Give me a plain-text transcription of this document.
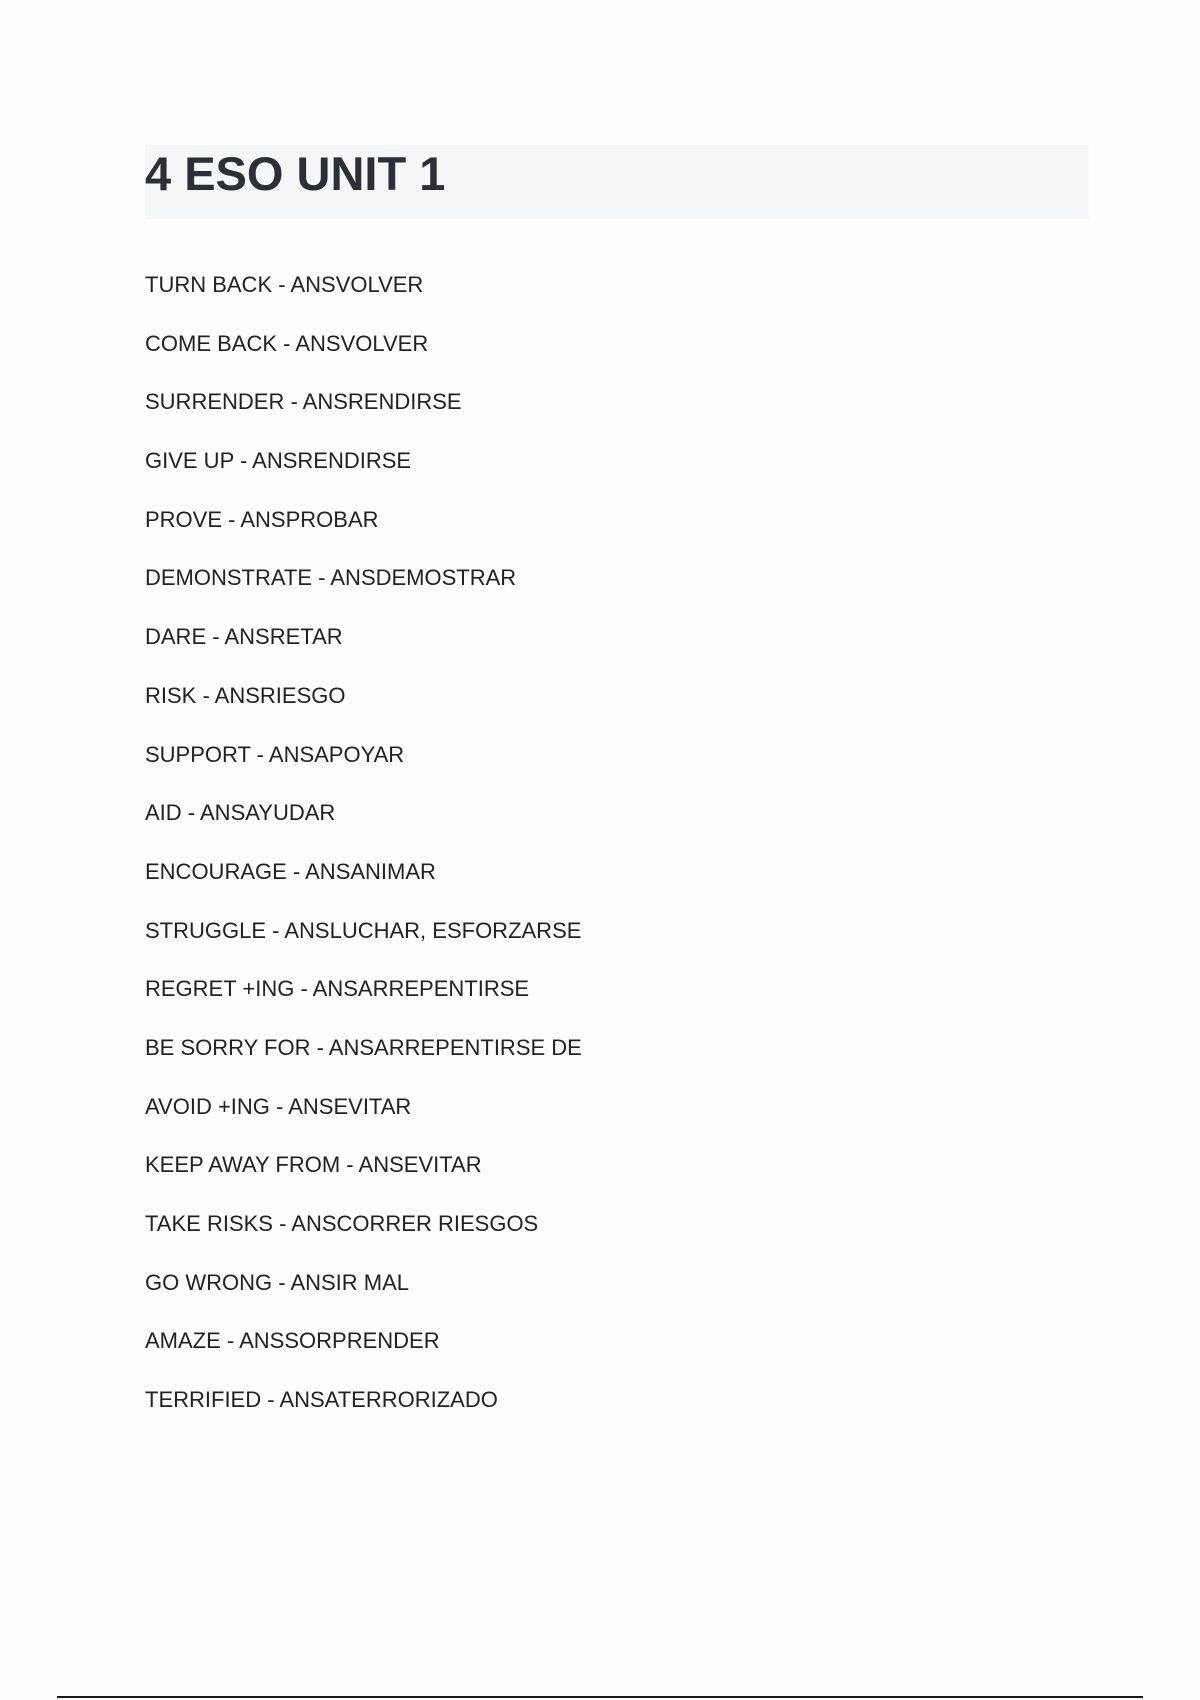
4 ESO UNIT 1
TURN BACK - ANSVOLVER
COME BACK - ANSVOLVER
SURRENDER - ANSRENDIRSE
GIVE UP - ANSRENDIRSE
PROVE - ANSPROBAR
DEMONSTRATE - ANSDEMOSTRAR
DARE - ANSRETAR
RISK - ANSRIESGO
SUPPORT - ANSAPOYAR
AID - ANSAYUDAR
ENCOURAGE - ANSANIMAR
STRUGGLE - ANSLUCHAR, ESFORZARSE
REGRET +ING - ANSARREPENTIRSE
BE SORRY FOR - ANSARREPENTIRSE DE
AVOID +ING - ANSEVITAR
KEEP AWAY FROM - ANSEVITAR
TAKE RISKS - ANSCORRER RIESGOS
GO WRONG - ANSIR MAL
AMAZE - ANSSORPRENDER
TERRIFIED - ANSATERRORIZADO
